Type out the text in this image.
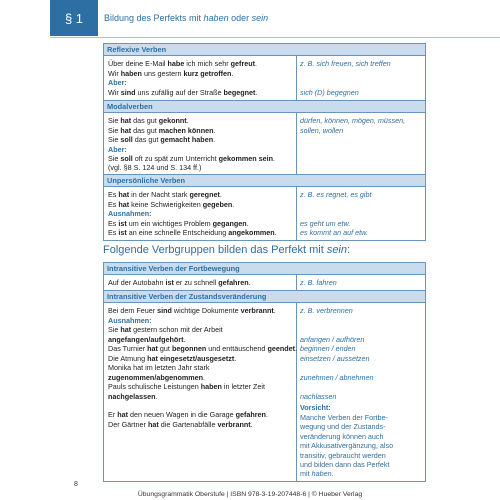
§ 1 Bildung des Perfekts mit haben oder sein
Reflexive Verben
Über deine E-Mail habe ich mich sehr gefreut.
Wir haben uns gestern kurz getroffen.
Aber:
Wir sind uns zufällig auf der Straße begegnet.
z. B. sich freuen, sich treffen
sich (D) begegnen
Modalverben
Sie hat das gut gekonnt.
Sie hat das gut machen können.
Sie soll das gut gemacht haben.
Aber:
Sie soll oft zu spät zum Unterricht gekommen sein.
(vgl. §8 S. 124 und S. 134 ff.)
dürfen, können, mögen, müssen,
sollen, wollen
Unpersönliche Verben
Es hat in der Nacht stark geregnet.
Es hat keine Schwierigkeiten gegeben.
Ausnahmen:
Es ist um ein wichtiges Problem gegangen.
Es ist an eine schnelle Entscheidung angekommen.
z. B. es regnet, es gibt
es geht um etw.
es kommt an auf etw.
Folgende Verbgruppen bilden das Perfekt mit sein:
Intransitive Verben der Fortbewegung
Auf der Autobahn ist er zu schnell gefahren.	z. B. fahren
Intransitive Verben der Zustandsveränderung
Bei dem Feuer sind wichtige Dokumente verbrannt.
Ausnahmen:
Sie hat gestern schon mit der Arbeit
angefangen/aufgehört.
Das Turnier hat gut begonnen und enttäuschend geendet.
Die Atmung hat eingesetzt/ausgesetzt.
Monika hat im letzten Jahr stark
zugenommen/abgenommen.
Pauls schulische Leistungen haben in letzter Zeit
nachgelassen.
Er hat den neuen Wagen in die Garage gefahren.
Der Gärtner hat die Gartenabfälle verbrannt.
z. B. verbrennen
anfangen / aufhören
beginnen / enden
einsetzen / aussetzen
zunehmen / abnehmen
nachlassen
Vorsicht:
Manche Verben der Fortbe-
wegung und der Zustands-
veränderung können auch
mit Akkusativergänzung, also
transitiv, gebraucht werden
und bilden dann das Perfekt
mit haben.
8
Übungsgrammatik Oberstufe | ISBN 978-3-19-207448-6 | © Hueber Verlag
